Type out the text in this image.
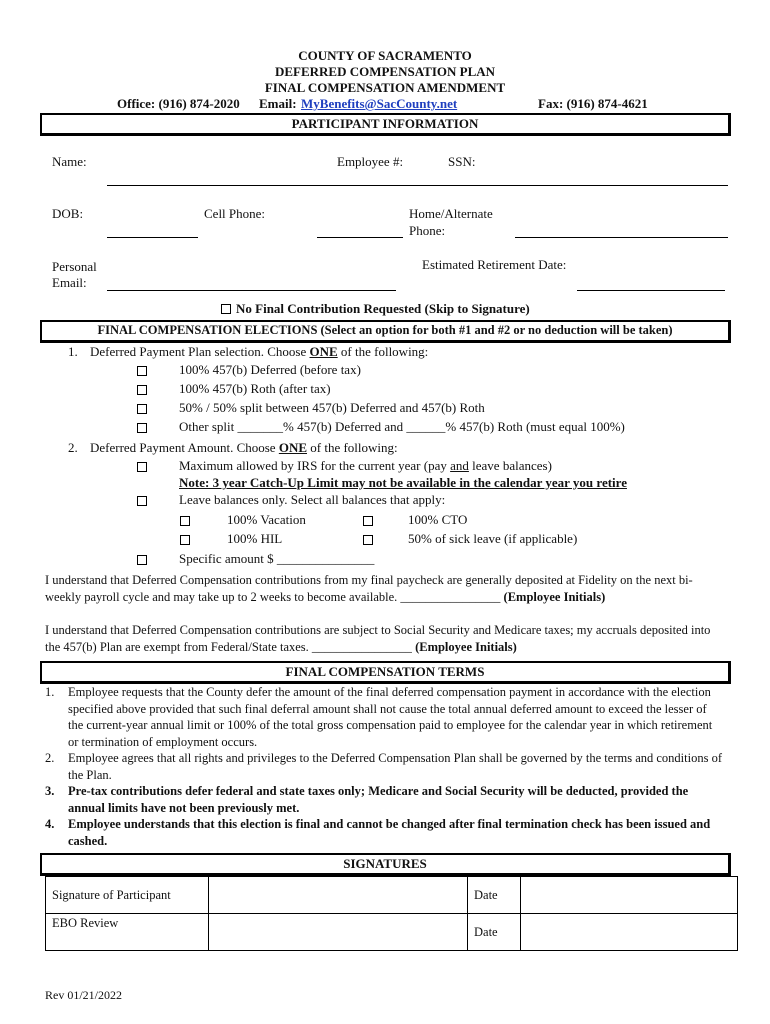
COUNTY OF SACRAMENTO
DEFERRED COMPENSATION PLAN
FINAL COMPENSATION AMENDMENT
Office: (916) 874-2020 Email: MyBenefits@SacCounty.net	Fax: (916) 874-4621
PARTICIPANT INFORMATION
Name:	Employee #:	SSN:
DOB:	Cell Phone:	Home/Alternate
Phone:
Personal
Email:
Estimated Retirement Date:
No Final Contribution Requested (Skip to Signature)
FINAL COMPENSATION ELECTIONS (Select an option for both #1 and #2 or no deduction will be taken)
1. Deferred Payment Plan selection. Choose ONE of the following:
100% 457(b) Deferred (before tax)
100% 457(b) Roth (after tax)
50% / 50% split between 457(b) Deferred and 457(b) Roth
Other split _______% 457(b) Deferred and ______% 457(b) Roth (must equal 100%)
2. Deferred Payment Amount. Choose ONE of the following:
Maximum allowed by IRS for the current year (pay and leave balances)
Note: 3 year Catch-Up Limit may not be available in the calendar year you retire
Leave balances only. Select all balances that apply:
100% Vacation	100% CTO
100% HIL	50% of sick leave (if applicable)
Specific amount $ _______________
I understand that Deferred Compensation contributions from my final paycheck are generally deposited at Fidelity on the next bi-weekly payroll cycle and may take up to 2 weeks to become available. ________________ (Employee Initials)
I understand that Deferred Compensation contributions are subject to Social Security and Medicare taxes; my accruals deposited into the 457(b) Plan are exempt from Federal/State taxes. ________________ (Employee Initials)
FINAL COMPENSATION TERMS
1. Employee requests that the County defer the amount of the final deferred compensation payment in accordance with the election specified above provided that such final deferral amount shall not cause the total annual deferred amount to exceed the lesser of the current-year annual limit or 100% of the total gross compensation paid to employee for the calendar year in which retirement or termination of employment occurs.
2. Employee agrees that all rights and privileges to the Deferred Compensation Plan shall be governed by the terms and conditions of the Plan.
3. Pre-tax contributions defer federal and state taxes only; Medicare and Social Security will be deducted, provided the annual limits have not been previously met.
4. Employee understands that this election is final and cannot be changed after final termination check has been issued and cashed.
SIGNATURES
Signature of Participant		Date	
EBO Review		Date	
Rev 01/21/2022
